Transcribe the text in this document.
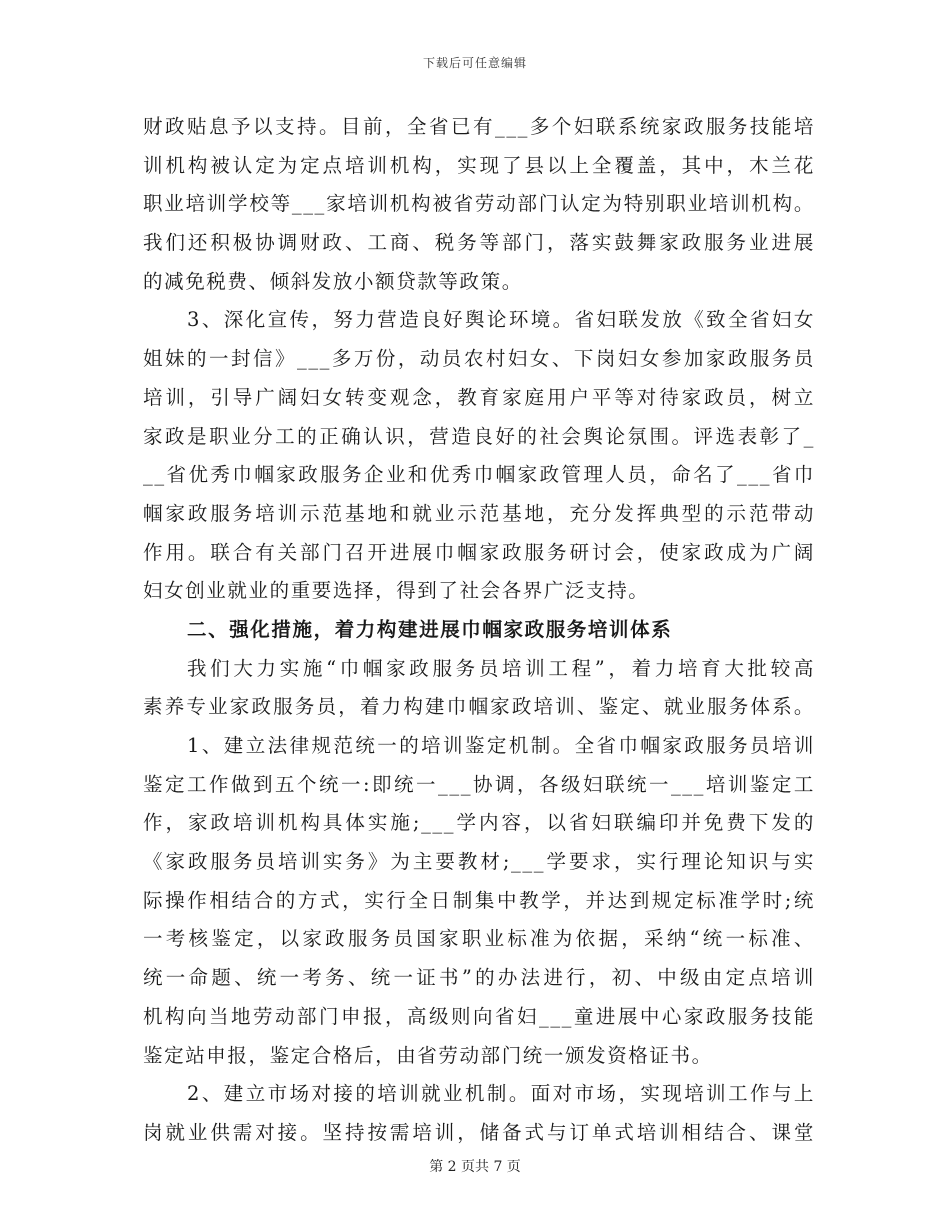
下载后可任意编辑
财政贴息予以支持。目前，全省已有___多个妇联系统家政服务技能培
训机构被认定为定点培训机构，实现了县以上全覆盖，其中，木兰花
职业培训学校等___家培训机构被省劳动部门认定为特别职业培训机构。
我们还积极协调财政、工商、税务等部门，落实鼓舞家政服务业进展
的减免税费、倾斜发放小额贷款等政策。
3、深化宣传，努力营造良好舆论环境。省妇联发放《致全省妇女
姐妹的一封信》___多万份，动员农村妇女、下岗妇女参加家政服务员
培训，引导广阔妇女转变观念，教育家庭用户平等对待家政员，树立
家政是职业分工的正确认识，营造良好的社会舆论氛围。评选表彰了_
__省优秀巾帼家政服务企业和优秀巾帼家政管理人员，命名了___省巾
帼家政服务培训示范基地和就业示范基地，充分发挥典型的示范带动
作用。联合有关部门召开进展巾帼家政服务研讨会，使家政成为广阔
妇女创业就业的重要选择，得到了社会各界广泛支持。
二、强化措施，着力构建进展巾帼家政服务培训体系
我们大力实施“巾帼家政服务员培训工程”，着力培育大批较高
素养专业家政服务员，着力构建巾帼家政培训、鉴定、就业服务体系。
1、建立法律规范统一的培训鉴定机制。全省巾帼家政服务员培训
鉴定工作做到五个统一:即统一___协调，各级妇联统一___培训鉴定工
作，家政培训机构具体实施;___学内容，以省妇联编印并免费下发的
《家政服务员培训实务》为主要教材;___学要求，实行理论知识与实
际操作相结合的方式，实行全日制集中教学，并达到规定标准学时;统
一考核鉴定，以家政服务员国家职业标准为依据，采纳“统一标准、
统一命题、统一考务、统一证书”的办法进行，初、中级由定点培训
机构向当地劳动部门申报，高级则向省妇___童进展中心家政服务技能
鉴定站申报，鉴定合格后，由省劳动部门统一颁发资格证书。
2、建立市场对接的培训就业机制。面对市场，实现培训工作与上
岗就业供需对接。坚持按需培训，储备式与订单式培训相结合、课堂
第 2 页共 7 页
